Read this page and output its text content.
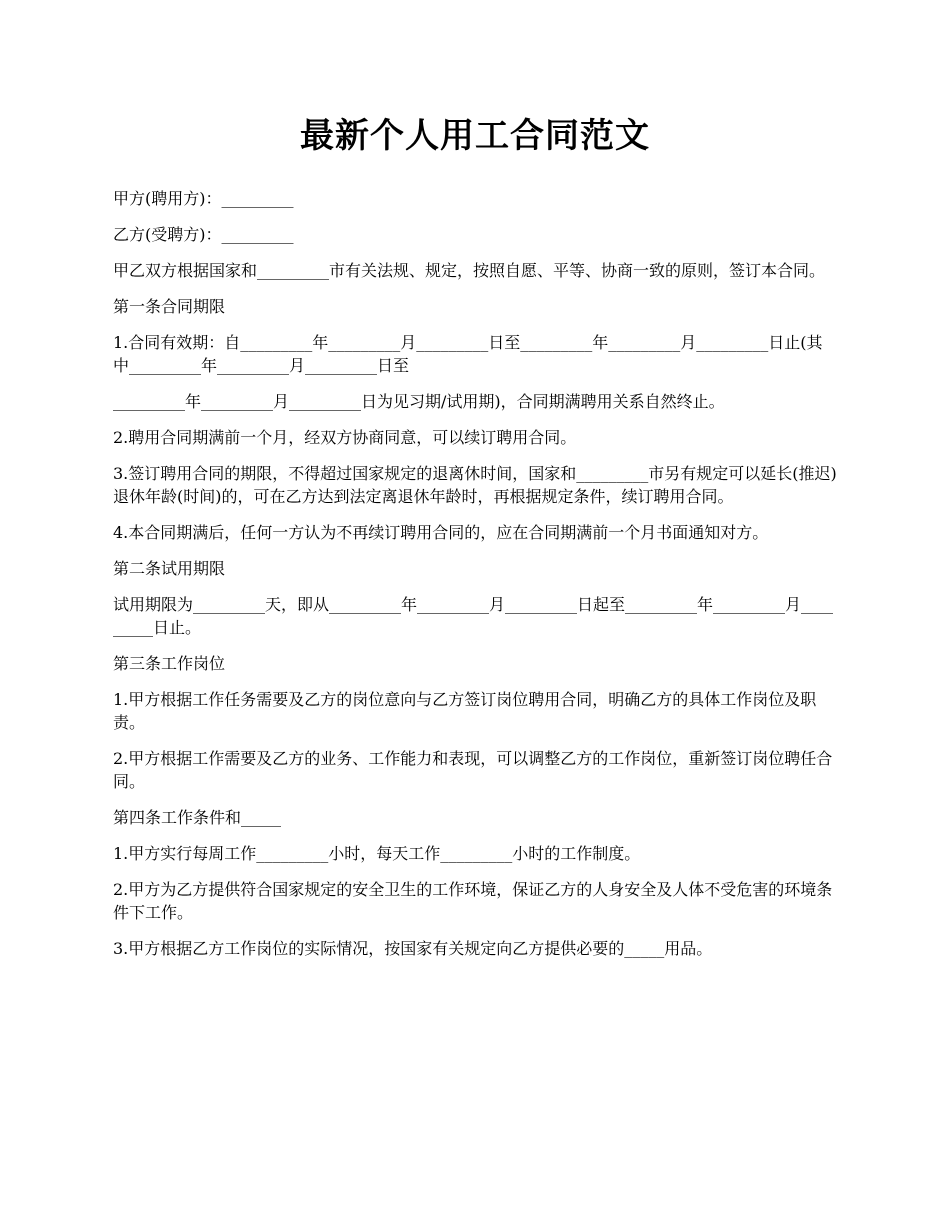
最新个人用工合同范文

甲方(聘用方)：_________

乙方(受聘方)：_________

甲乙双方根据国家和_________市有关法规、规定，按照自愿、平等、协商一致的原则，签订本合同。

第一条合同期限

1.合同有效期：自_________年_________月_________日至_________年_________月_________日止(其中_________年_________月_________日至

_________年_________月_________日为见习期/试用期)，合同期满聘用关系自然终止。

2.聘用合同期满前一个月，经双方协商同意，可以续订聘用合同。

3.签订聘用合同的期限，不得超过国家规定的退离休时间，国家和_________市另有规定可以延长(推迟)退休年龄(时间)的，可在乙方达到法定离退休年龄时，再根据规定条件，续订聘用合同。

4.本合同期满后，任何一方认为不再续订聘用合同的，应在合同期满前一个月书面通知对方。

第二条试用期限

试用期限为_________天，即从_________年_________月_________日起至_________年_________月_________日止。

第三条工作岗位

1.甲方根据工作任务需要及乙方的岗位意向与乙方签订岗位聘用合同，明确乙方的具体工作岗位及职责。

2.甲方根据工作需要及乙方的业务、工作能力和表现，可以调整乙方的工作岗位，重新签订岗位聘任合同。

第四条工作条件和_____

1.甲方实行每周工作_________小时，每天工作_________小时的工作制度。

2.甲方为乙方提供符合国家规定的安全卫生的工作环境，保证乙方的人身安全及人体不受危害的环境条件下工作。

3.甲方根据乙方工作岗位的实际情况，按国家有关规定向乙方提供必要的_____用品。
